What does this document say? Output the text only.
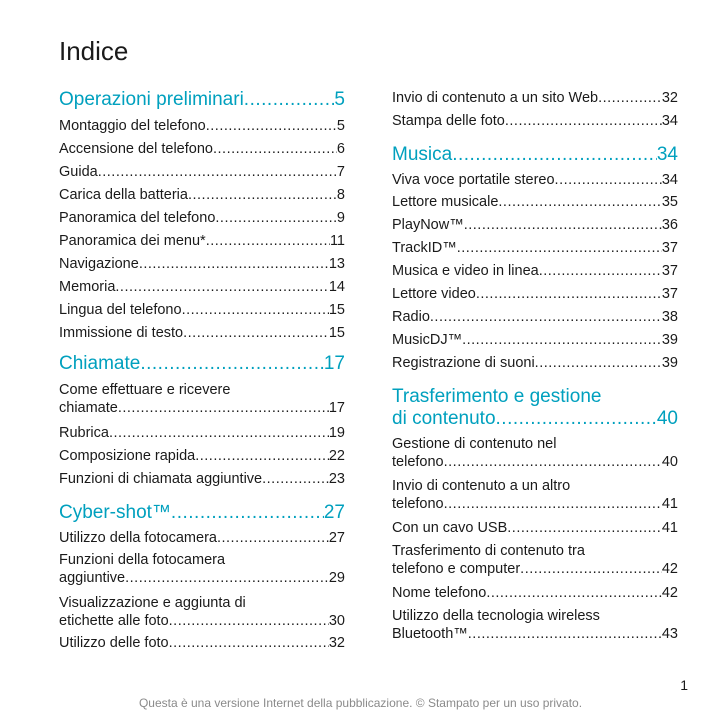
Indice
Operazioni preliminari .....	5
Montaggio del telefono .....	5
Accensione del telefono .....	6
Guida .....	7
Carica della batteria .....	8
Panoramica del telefono .....	9
Panoramica dei menu* .....	11
Navigazione .....	13
Memoria .....	14
Lingua del telefono .....	15
Immissione di testo .....	15
Chiamate .....	17
Come effettuare e ricevere
chiamate .....	17
Rubrica .....	19
Composizione rapida .....	22
Funzioni di chiamata aggiuntive .....	23
Cyber-shot™ .....	27
Utilizzo della fotocamera .....	27
Funzioni della fotocamera
aggiuntive .....	29
Visualizzazione e aggiunta di
etichette alle foto .....	30
Utilizzo delle foto .....	32
Invio di contenuto a un sito Web .....	32
Stampa delle foto .....	34
Musica .....	34
Viva voce portatile stereo .....	34
Lettore musicale .....	35
PlayNow™ .....	36
TrackID™ .....	37
Musica e video in linea .....	37
Lettore video .....	37
Radio .....	38
MusicDJ™ .....	39
Registrazione di suoni .....	39
Trasferimento e gestione
di contenuto .....	40
Gestione di contenuto nel
telefono .....	40
Invio di contenuto a un altro
telefono .....	41
Con un cavo USB .....	41
Trasferimento di contenuto tra
telefono e computer .....	42
Nome telefono .....	42
Utilizzo della tecnologia wireless
Bluetooth™ .....	43
1
Questa è una versione Internet della pubblicazione. © Stampato per un uso privato.
